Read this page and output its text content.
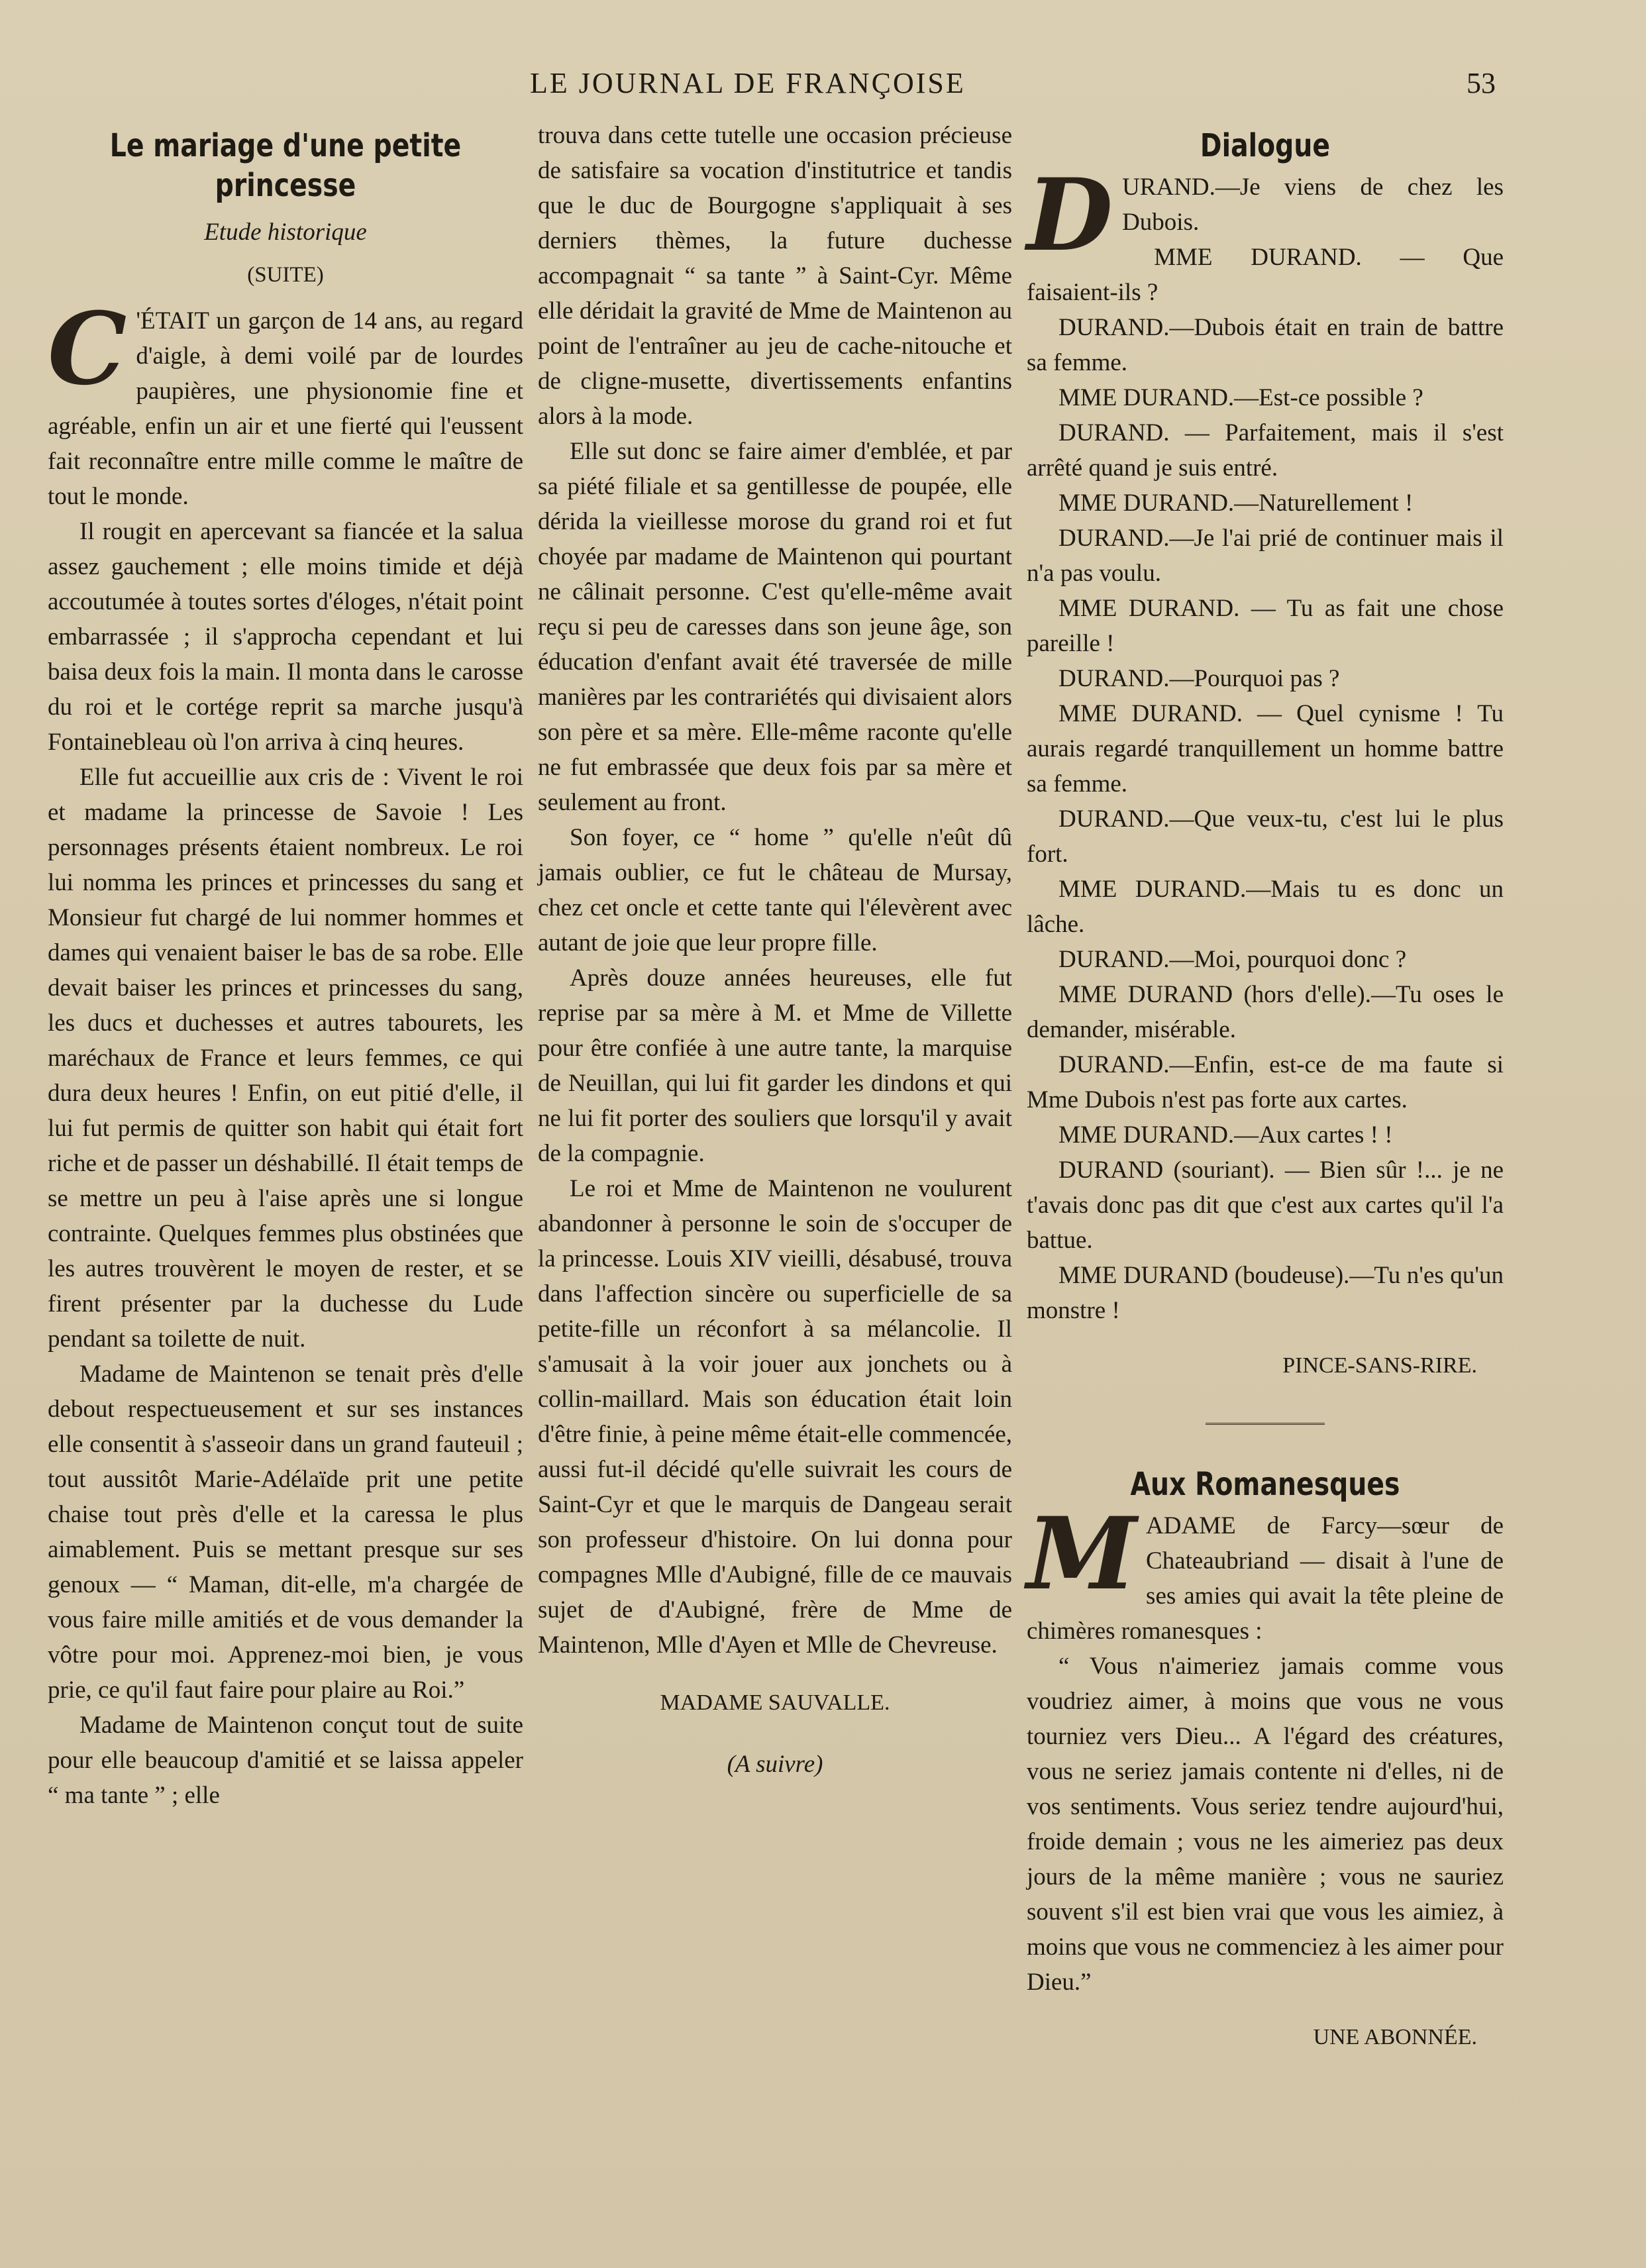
LE JOURNAL DE FRANÇOISE	53
Le mariage d'une petite princesse
Etude historique
(SUITE)

C 'ÉTAIT un garçon de 14 ans, au regard d'aigle, à demi voilé par de lourdes paupières, une physionomie fine et agréable, enfin un air et une fierté qui l'eussent fait reconnaître entre mille comme le maître de tout le monde.

Il rougit en apercevant sa fiancée et la salua assez gauchement ; elle moins timide et déjà accoutumée à toutes sortes d'éloges, n'était point embarrassée ; il s'approcha cependant et lui baisa deux fois la main. Il monta dans le carosse du roi et le cortége reprit sa marche jusqu'à Fontainebleau où l'on arriva à cinq heures.

Elle fut accueillie aux cris de : Vivent le roi et madame la princesse de Savoie ! Les personnages présents étaient nombreux. Le roi lui nomma les princes et princesses du sang et Monsieur fut chargé de lui nommer hommes et dames qui venaient baiser le bas de sa robe. Elle devait baiser les princes et princesses du sang, les ducs et duchesses et autres tabourets, les maréchaux de France et leurs femmes, ce qui dura deux heures ! Enfin, on eut pitié d'elle, il lui fut permis de quitter son habit qui était fort riche et de passer un déshabillé. Il était temps de se mettre un peu à l'aise après une si longue contrainte. Quelques femmes plus obstinées que les autres trouvèrent le moyen de rester, et se firent présenter par la duchesse du Lude pendant sa toilette de nuit.

Madame de Maintenon se tenait près d'elle debout respectueusement et sur ses instances elle consentit à s'asseoir dans un grand fauteuil ; tout aussitôt Marie-Adélaïde prit une petite chaise tout près d'elle et la caressa le plus aimablement. Puis se mettant presque sur ses genoux — “ Maman, dit-elle, m'a chargée de vous faire mille amitiés et de vous demander la vôtre pour moi. Apprenez-moi bien, je vous prie, ce qu'il faut faire pour plaire au Roi.”

Madame de Maintenon conçut tout de suite pour elle beaucoup d'amitié et se laissa appeler “ ma tante ” ; elle

trouva dans cette tutelle une occasion précieuse de satisfaire sa vocation d'institutrice et tandis que le duc de Bourgogne s'appliquait à ses derniers thèmes, la future duchesse accompagnait “ sa tante ” à Saint-Cyr. Même elle déridait la gravité de Mme de Maintenon au point de l'entraîner au jeu de cache-nitouche et de cligne-musette, divertissements enfantins alors à la mode.

Elle sut donc se faire aimer d'emblée, et par sa piété filiale et sa gentillesse de poupée, elle dérida la vieillesse morose du grand roi et fut choyée par madame de Maintenon qui pourtant ne câlinait personne. C'est qu'elle-même avait reçu si peu de caresses dans son jeune âge, son éducation d'enfant avait été traversée de mille manières par les contrariétés qui divisaient alors son père et sa mère. Elle-même raconte qu'elle ne fut embrassée que deux fois par sa mère et seulement au front.

Son foyer, ce “ home ” qu'elle n'eût dû jamais oublier, ce fut le château de Mursay, chez cet oncle et cette tante qui l'élevèrent avec autant de joie que leur propre fille.

Après douze années heureuses, elle fut reprise par sa mère à M. et Mme de Villette pour être confiée à une autre tante, la marquise de Neuillan, qui lui fit garder les dindons et qui ne lui fit porter des souliers que lorsqu'il y avait de la compagnie.

Le roi et Mme de Maintenon ne voulurent abandonner à personne le soin de s'occuper de la princesse. Louis XIV vieilli, désabusé, trouva dans l'affection sincère ou superficielle de sa petite-fille un réconfort à sa mélancolie. Il s'amusait à la voir jouer aux jonchets ou à collin-maillard. Mais son éducation était loin d'être finie, à peine même était-elle commencée, aussi fut-il décidé qu'elle suivrait les cours de Saint-Cyr et que le marquis de Dangeau serait son professeur d'histoire. On lui donna pour compagnes Mlle d'Aubigné, fille de ce mauvais sujet de d'Aubigné, frère de Mme de Maintenon, Mlle d'Ayen et Mlle de Chevreuse.

MADAME SAUVALLE.
(A suivre)
Dialogue

DURAND.—Je viens de chez les Dubois.

MME DURAND. — Que faisaient-ils ?

DURAND.—Dubois était en train de battre sa femme.

MME DURAND.—Est-ce possible ?

DURAND. — Parfaitement, mais il s'est arrêté quand je suis entré.

MME DURAND.—Naturellement !

DURAND.—Je l'ai prié de continuer mais il n'a pas voulu.

MME DURAND. — Tu as fait une chose pareille !

DURAND.—Pourquoi pas ?

MME DURAND. — Quel cynisme ! Tu aurais regardé tranquillement un homme battre sa femme.

DURAND.—Que veux-tu, c'est lui le plus fort.

MME DURAND.—Mais tu es donc un lâche.

DURAND.—Moi, pourquoi donc ?

MME DURAND (hors d'elle).—Tu oses le demander, misérable.

DURAND.—Enfin, est-ce de ma faute si Mme Dubois n'est pas forte aux cartes.

MME DURAND.—Aux cartes ! !

DURAND (souriant). — Bien sûr !... je ne t'avais donc pas dit que c'est aux cartes qu'il l'a battue.

MME DURAND (boudeuse).—Tu n'es qu'un monstre !

PINCE-SANS-RIRE.
Aux Romanesques

MADAME de Farcy—sœur de Chateaubriand — disait à l'une de ses amies qui avait la tête pleine de chimères romanesques :

“ Vous n'aimeriez jamais comme vous voudriez aimer, à moins que vous ne vous tourniez vers Dieu... A l'égard des créatures, vous ne seriez jamais contente ni d'elles, ni de vos sentiments. Vous seriez tendre aujourd'hui, froide demain ; vous ne les aimeriez pas deux jours de la même manière ; vous ne sauriez souvent s'il est bien vrai que vous les aimiez, à moins que vous ne commenciez à les aimer pour Dieu.”

UNE ABONNÉE.
